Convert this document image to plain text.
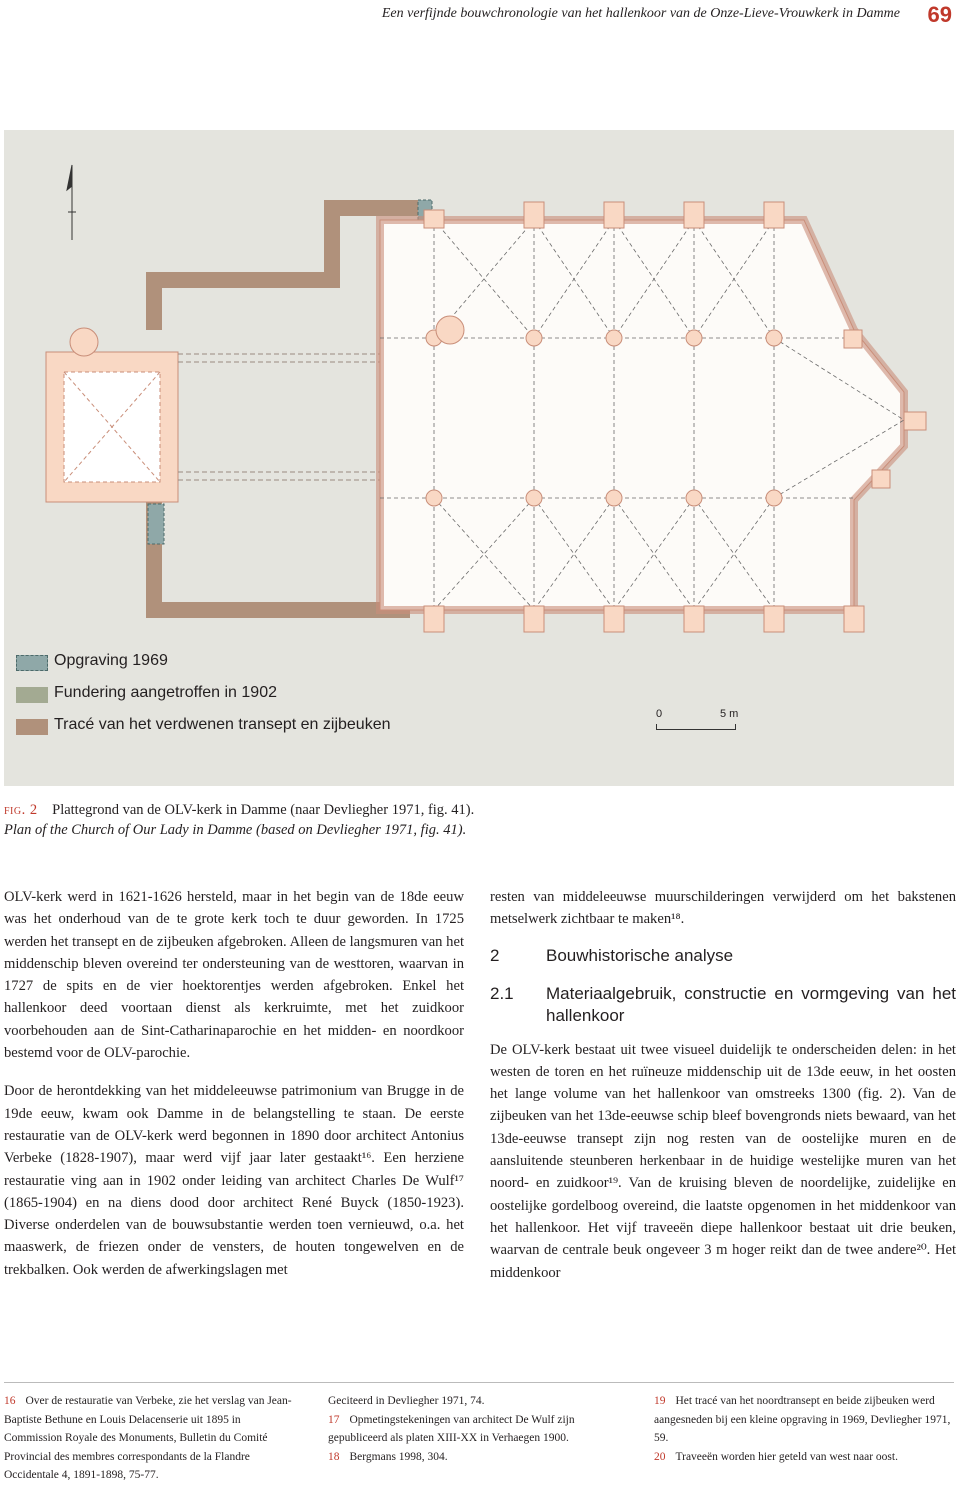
Een verfijnde bouwchronologie van het hallenkoor van de Onze-Lieve-Vrouwkerk in Damme 69
Opgraving 1969
Fundering aangetroffen in 1902
Tracé van het verdwenen transept en zijbeuken
0	5 m
fig. 2 Plattegrond van de OLV-kerk in Damme (naar Devliegher 1971, fig. 41).
Plan of the Church of Our Lady in Damme (based on Devliegher 1971, fig. 41).

OLV-kerk werd in 1621-1626 hersteld, maar in het begin van de 18de eeuw was het onderhoud van de te grote kerk toch te duur geworden. In 1725 werden het transept en de zijbeuken afgebroken. Alleen de langsmuren van het middenschip bleven overeind ter ondersteuning van de westtoren, waarvan in 1727 de spits en de vier hoektorentjes werden afgebroken. Enkel het hallenkoor deed voortaan dienst als kerkruimte, met het zuidkoor voorbehouden aan de Sint-Catharinaparochie en het midden- en noordkoor bestemd voor de OLV-parochie.

Door de herontdekking van het middeleeuwse patrimonium van Brugge in de 19de eeuw, kwam ook Damme in de belangstelling te staan. De eerste restauratie van de OLV-kerk werd begonnen in 1890 door architect Antonius Verbeke (1828-1907), maar werd vijf jaar later gestaakt¹⁶. Een herziene restauratie ving aan in 1902 onder leiding van architect Charles De Wulf¹⁷ (1865-1904) en na diens dood door architect René Buyck (1850-1923). Diverse onderdelen van de bouwsubstantie werden toen vernieuwd, o.a. het maaswerk, de friezen onder de vensters, de houten tongewelven en de trekbalken. Ook werden de afwerkingslagen met

resten van middeleeuwse muurschilderingen verwijderd om het bakstenen metselwerk zichtbaar te maken¹⁸.

2	Bouwhistorische analyse
2.1 Materiaalgebruik, constructie en vormgeving van het hallenkoor

De OLV-kerk bestaat uit twee visueel duidelijk te onderscheiden delen: in het westen de toren en het ruïneuze middenschip uit de 13de eeuw, in het oosten het lange volume van het hallenkoor van omstreeks 1300 (fig. 2). Van de zijbeuken van het 13de-eeuwse schip bleef bovengronds niets bewaard, van het 13de-eeuwse transept zijn nog resten van de oostelijke muren en de aansluitende steunberen herkenbaar in de huidige westelijke muren van het noord- en zuidkoor¹⁹. Van de kruising bleven de noordelijke, zuidelijke en oostelijke gordelboog overeind, die laatste opgenomen in het middenkoor van het hallenkoor. Het vijf traveeën diepe hallenkoor bestaat uit drie beuken, waarvan de centrale beuk ongeveer 3 m hoger reikt dan de twee andere²⁰. Het middenkoor

16 Over de restauratie van Verbeke, zie het verslag van Jean-Baptiste Bethune en Louis Delacenserie uit 1895 in Commission Royale des Monuments, Bulletin du Comité Provincial des membres correspondants de la Flandre Occidentale 4, 1891-1898, 75-77.
Geciteerd in Devliegher 1971, 74.
17 Opmetingstekeningen van architect De Wulf zijn gepubliceerd als platen XIII-XX in Verhaegen 1900.
18 Bergmans 1998, 304.
19 Het tracé van het noordtransept en beide zijbeuken werd aangesneden bij een kleine opgraving in 1969, Devliegher 1971, 59.
20 Traveeën worden hier geteld van west naar oost.
